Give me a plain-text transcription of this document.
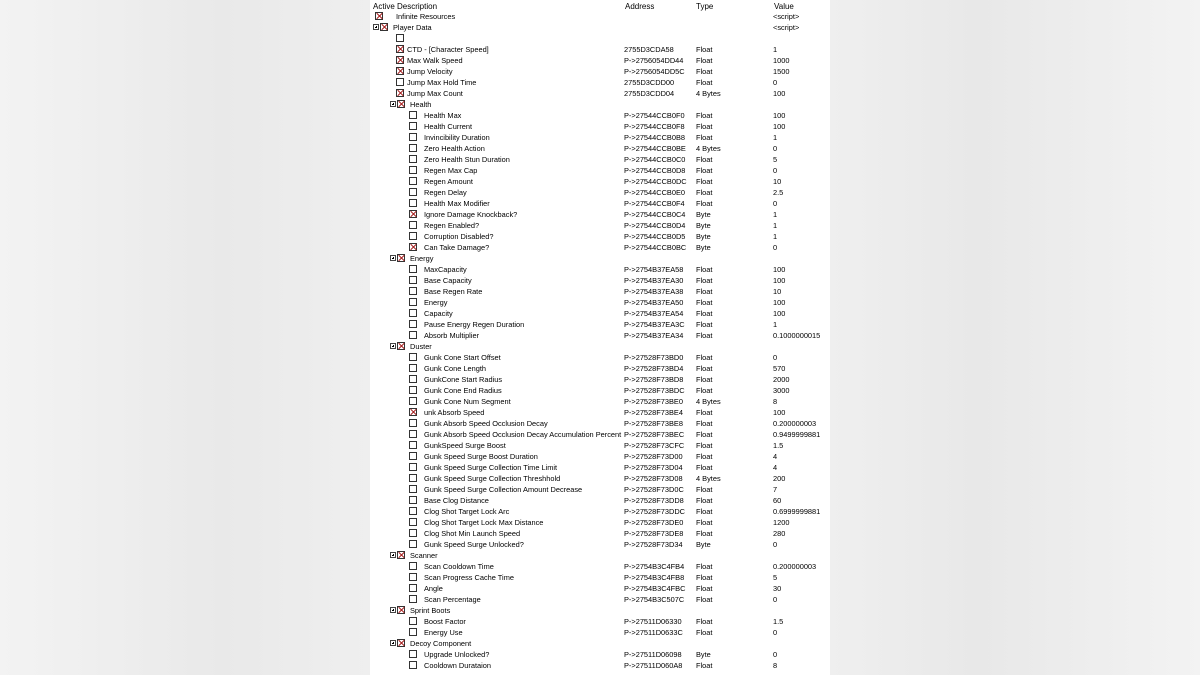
Active Description	Address	Type	Value
Infinite Resources	<script>
Player Data	<script>
CTD - [Character Speed]	2755D3CDA58	Float	1
Max Walk Speed	P->2756054DD44 Float	1000
Jump Velocity	P->2756054DD5C Float	1500
Jump Max Hold Time	2755D3CDD00	Float	0
Jump Max Count	2755D3CDD04	4 Bytes	100
Health
Health Max	P->27544CCB0F0 Float	100
Health Current	P->27544CCB0F8 Float	100
Invincibility Duration	P->27544CCB0B8 Float	1
Zero Health Action	P->27544CCB0BE 4 Bytes	0
Zero Health Stun Duration	P->27544CCB0C0 Float	5
Regen Max Cap	P->27544CCB0D8 Float	0
Regen Amount	P->27544CCB0DC Float	10
Regen Delay	P->27544CCB0E0 Float	2.5
Health Max Modifier	P->27544CCB0F4 Float	0
Ignore Damage Knockback?	P->27544CCB0C4 Byte	1
Regen Enabled?	P->27544CCB0D4 Byte	1
Corruption Disabled?	P->27544CCB0D5 Byte	1
Can Take Damage?	P->27544CCB0BC Byte	0
Energy
MaxCapacity	P->2754B37EA58 Float	100
Base Capacity	P->2754B37EA30 Float	100
Base Regen Rate	P->2754B37EA38 Float	10
Energy	P->2754B37EA50 Float	100
Capacity	P->2754B37EA54 Float	100
Pause Energy Regen Duration	P->2754B37EA3C Float	1
Absorb Multiplier	P->2754B37EA34 Float	0.1000000015
Duster
Gunk Cone Start Offset	P->27528F73BD0 Float	0
Gunk Cone Length	P->27528F73BD4 Float	570
GunkCone Start Radius	P->27528F73BD8 Float	2000
Gunk Cone End Radius	P->27528F73BDC Float	3000
Gunk Cone Num Segment	P->27528F73BE0 4 Bytes	8
unk Absorb Speed	P->27528F73BE4 Float	100
Gunk Absorb Speed Occlusion Decay	P->27528F73BE8 Float	0.200000003
Gunk Absorb Speed Occlusion Decay Accumulation Percent P->27528F73BEC Float	0.9499999881
GunkSpeed Surge Boost	P->27528F73CFC Float	1.5
Gunk Speed Surge Boost Duration	P->27528F73D00 Float	4
Gunk Speed Surge Collection Time Limit	P->27528F73D04 Float	4
Gunk Speed Surge Collection Threshhold	P->27528F73D08 4 Bytes	200
Gunk Speed Surge Collection Amount Decrease	P->27528F73D0C Float	7
Base Clog Distance	P->27528F73DD8 Float	60
Clog Shot Target Lock Arc	P->27528F73DDC Float	0.6999999881
Clog Shot Target Lock Max Distance	P->27528F73DE0 Float	1200
Clog Shot Min Launch Speed	P->27528F73DE8 Float	280
Gunk Speed Surge Unlocked?	P->27528F73D34 Byte	0
Scanner
Scan Cooldown Time	P->2754B3C4FB4 Float	0.200000003
Scan Progress Cache Time	P->2754B3C4FB8 Float	5
Angle	P->2754B3C4FBC Float	30
Scan Percentage	P->2754B3C507C Float	0
Sprint Boots
Boost Factor	P->27511D06330 Float	1.5
Energy Use	P->27511D0633C Float	0
Decoy Component
Upgrade Unlocked?	P->27511D06098 Byte	0
Cooldown Durataion	P->27511D060A8 Float	8
